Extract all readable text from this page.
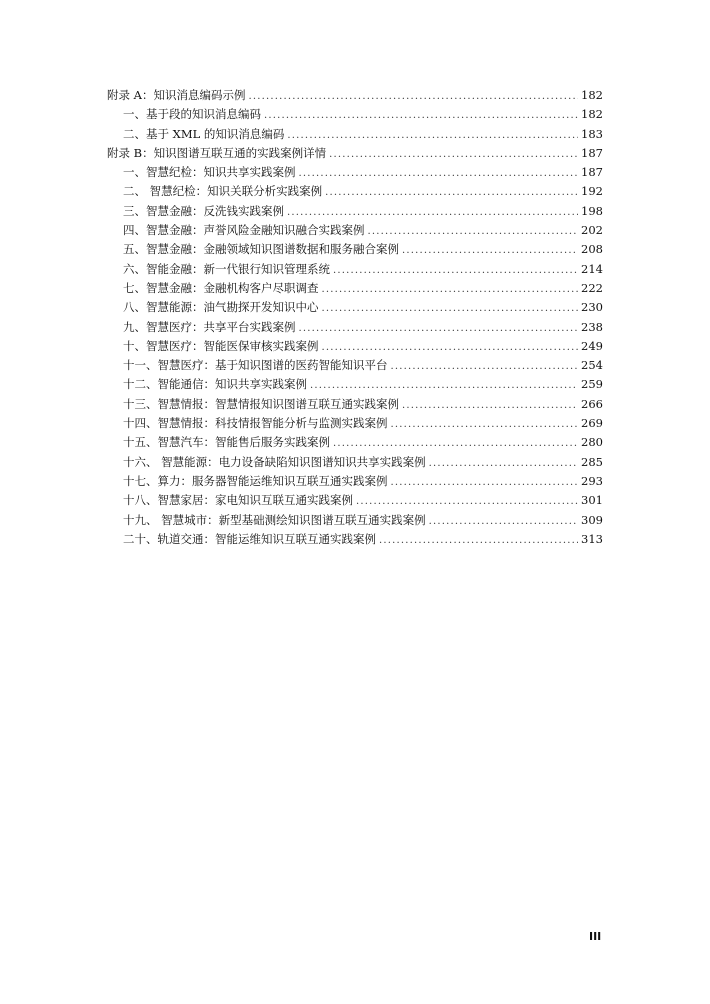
附录 A：知识消息编码示例 .....	182
一、基于段的知识消息编码 .....	182
二、基于 XML 的知识消息编码 .....	183
附录 B：知识图谱互联互通的实践案例详情 .....	187
一、智慧纪检：知识共享实践案例 .....	187
二、 智慧纪检：知识关联分析实践案例 .....	192
三、智慧金融：反洗钱实践案例 .....	198
四、智慧金融：声誉风险金融知识融合实践案例 .....	202
五、智慧金融：金融领域知识图谱数据和服务融合案例 .....	208
六、智能金融：新一代银行知识管理系统 .....	214
七、智慧金融：金融机构客户尽职调查 .....	222
八、智慧能源：油气勘探开发知识中心 .....	230
九、智慧医疗：共享平台实践案例 .....	238
十、智慧医疗：智能医保审核实践案例 .....	249
十一、智慧医疗：基于知识图谱的医药智能知识平台 .....	254
十二、智能通信：知识共享实践案例 .....	259
十三、智慧情报：智慧情报知识图谱互联互通实践案例 .....	266
十四、智慧情报：科技情报智能分析与监测实践案例 .....	269
十五、智慧汽车：智能售后服务实践案例 .....	280
十六、 智慧能源：电力设备缺陷知识图谱知识共享实践案例 .....	285
十七、算力：服务器智能运维知识互联互通实践案例 .....	293
十八、智慧家居：家电知识互联互通实践案例 .....	301
十九、 智慧城市：新型基础测绘知识图谱互联互通实践案例 .....	309
二十、轨道交通：智能运维知识互联互通实践案例 .....	313
III
